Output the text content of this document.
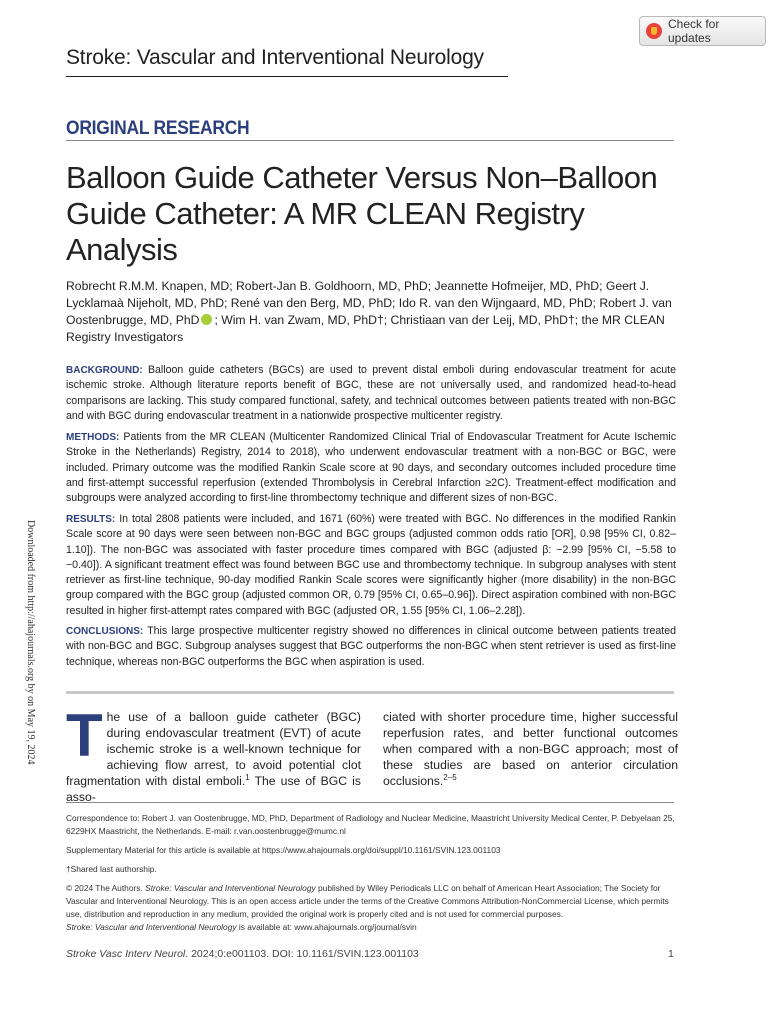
Check for updates
Stroke: Vascular and Interventional Neurology
ORIGINAL RESEARCH
Balloon Guide Catheter Versus Non–Balloon Guide Catheter: A MR CLEAN Registry Analysis
Robrecht R.M.M. Knapen, MD; Robert-Jan B. Goldhoorn, MD, PhD; Jeannette Hofmeijer, MD, PhD; Geert J. Lycklamaà Nijeholt, MD, PhD; René van den Berg, MD, PhD; Ido R. van den Wijngaard, MD, PhD; Robert J. van Oostenbrugge, MD, PhD ; Wim H. van Zwam, MD, PhD†; Christiaan van der Leij, MD, PhD†; the MR CLEAN Registry Investigators
BACKGROUND: Balloon guide catheters (BGCs) are used to prevent distal emboli during endovascular treatment for acute ischemic stroke. Although literature reports benefit of BGC, these are not universally used, and randomized head-to-head comparisons are lacking. This study compared functional, safety, and technical outcomes between patients treated with non-BGC and with BGC during endovascular treatment in a nationwide prospective multicenter registry.
METHODS: Patients from the MR CLEAN (Multicenter Randomized Clinical Trial of Endovascular Treatment for Acute Ischemic Stroke in the Netherlands) Registry, 2014 to 2018), who underwent endovascular treatment with a non-BGC or BGC, were included. Primary outcome was the modified Rankin Scale score at 90 days, and secondary outcomes included procedure time and first-attempt successful reperfusion (extended Thrombolysis in Cerebral Infarction ≥2C). Treatment-effect modification and subgroups were analyzed according to first-line thrombectomy technique and different sizes of non-BGC.
RESULTS: In total 2808 patients were included, and 1671 (60%) were treated with BGC. No differences in the modified Rankin Scale score at 90 days were seen between non-BGC and BGC groups (adjusted common odds ratio [OR], 0.98 [95% CI, 0.82–1.10]). The non-BGC was associated with faster procedure times compared with BGC (adjusted β: −2.99 [95% CI, −5.58 to −0.40]). A significant treatment effect was found between BGC use and thrombectomy technique. In subgroup analyses with stent retriever as first-line technique, 90-day modified Rankin Scale scores were significantly higher (more disability) in the non-BGC group compared with the BGC group (adjusted common OR, 0.79 [95% CI, 0.65–0.96]). Direct aspiration combined with non-BGC resulted in higher first-attempt rates compared with BGC (adjusted OR, 1.55 [95% CI, 1.06–2.28]).
CONCLUSIONS: This large prospective multicenter registry showed no differences in clinical outcome between patients treated with non-BGC and BGC. Subgroup analyses suggest that BGC outperforms the non-BGC when stent retriever is used as first-line technique, whereas non-BGC outperforms the BGC when aspiration is used.
The use of a balloon guide catheter (BGC) during endovascular treatment (EVT) of acute ischemic stroke is a well-known technique for achieving flow arrest, to avoid potential clot fragmentation with distal emboli.$^1$ The use of BGC is asso-
ciated with shorter procedure time, higher successful reperfusion rates, and better functional outcomes when compared with a non-BGC approach; most of these studies are based on anterior circulation occlusions.$^{2-5}$

Correspondence to: Robert J. van Oostenbrugge, MD, PhD, Department of Radiology and Nuclear Medicine, Maastricht University Medical Center, P. Debyelaan 25, 6229HX Maastricht, the Netherlands. E-mail: r.van.oostenbrugge@mumc.nl

Supplementary Material for this article is available at https://www.ahajournals.org/doi/suppl/10.1161/SVIN.123.001103

†Shared last authorship.

© 2024 The Authors. Stroke: Vascular and Interventional Neurology published by Wiley Periodicals LLC on behalf of American Heart Association; The Society for Vascular and Interventional Neurology. This is an open access article under the terms of the Creative Commons Attribution-NonCommercial License, which permits use, distribution and reproduction in any medium, provided the original work is properly cited and is not used for commercial purposes.

Stroke: Vascular and Interventional Neurology is available at: www.ahajournals.org/journal/svin

Stroke Vasc Interv Neurol. 2024;0:e001103. DOI: 10.1161/SVIN.123.001103	1
Downloaded from http://ahajournals.org by on May 19, 2024
